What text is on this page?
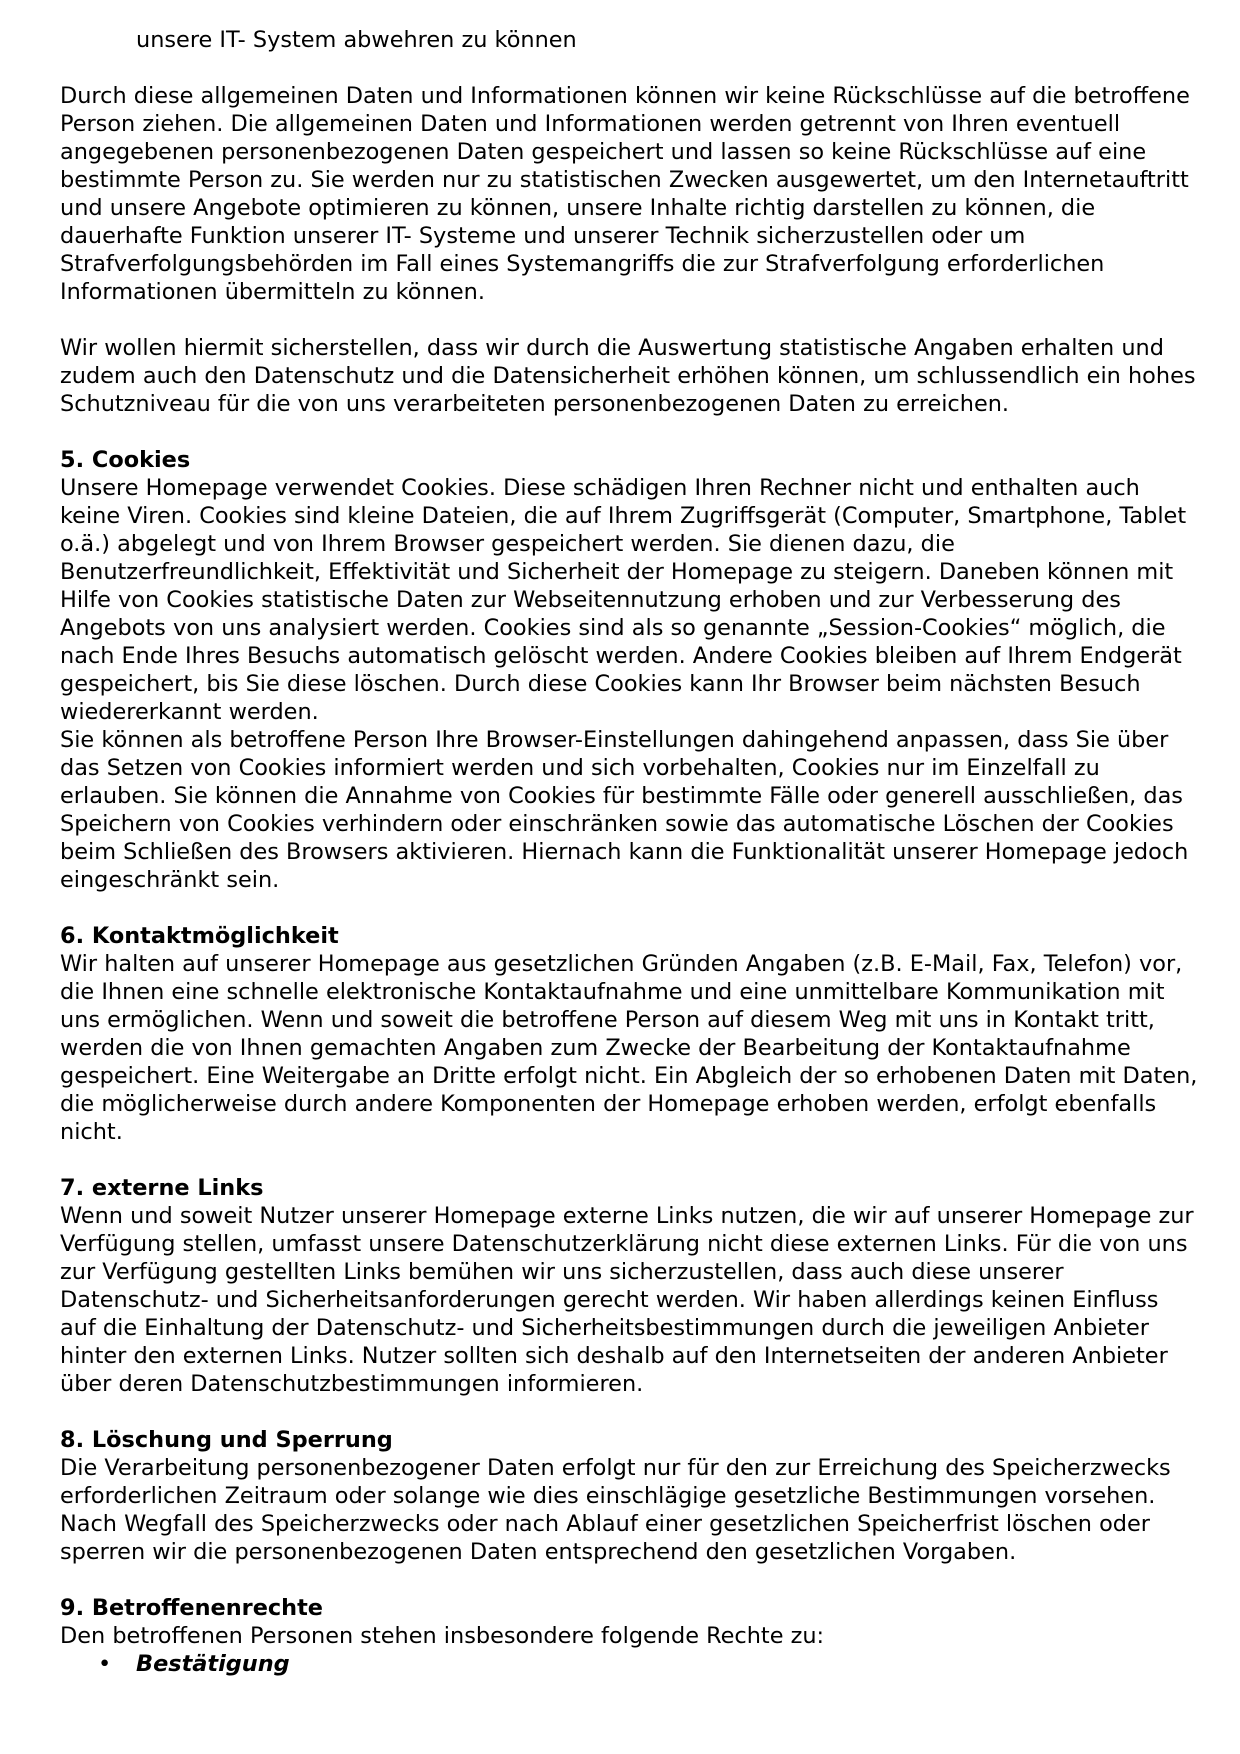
unsere IT- System abwehren zu können

Durch diese allgemeinen Daten und Informationen können wir keine Rückschlüsse auf die betroffene Person ziehen. Die allgemeinen Daten und Informationen werden getrennt von Ihren eventuell angegebenen personenbezogenen Daten gespeichert und lassen so keine Rückschlüsse auf eine bestimmte Person zu. Sie werden nur zu statistischen Zwecken ausgewertet, um den Internetauftritt und unsere Angebote optimieren zu können, unsere Inhalte richtig darstellen zu können, die dauerhafte Funktion unserer IT- Systeme und unserer Technik sicherzustellen oder um Strafverfolgungsbehörden im Fall eines Systemangriffs die zur Strafverfolgung erforderlichen Informationen übermitteln zu können.

Wir wollen hiermit sicherstellen, dass wir durch die Auswertung statistische Angaben erhalten und zudem auch den Datenschutz und die Datensicherheit erhöhen können, um schlussendlich ein hohes Schutzniveau für die von uns verarbeiteten personenbezogenen Daten zu erreichen.

5. Cookies

Unsere Homepage verwendet Cookies. Diese schädigen Ihren Rechner nicht und enthalten auch keine Viren. Cookies sind kleine Dateien, die auf Ihrem Zugriffsgerät (Computer, Smartphone, Tablet o.ä.) abgelegt und von Ihrem Browser gespeichert werden. Sie dienen dazu, die Benutzerfreundlichkeit, Effektivität und Sicherheit der Homepage zu steigern. Daneben können mit Hilfe von Cookies statistische Daten zur Webseitennutzung erhoben und zur Verbesserung des Angebots von uns analysiert werden. Cookies sind als so genannte „Session-Cookies“ möglich, die nach Ende Ihres Besuchs automatisch gelöscht werden. Andere Cookies bleiben auf Ihrem Endgerät gespeichert, bis Sie diese löschen. Durch diese Cookies kann Ihr Browser beim nächsten Besuch wiedererkannt werden.

Sie können als betroffene Person Ihre Browser-Einstellungen dahingehend anpassen, dass Sie über das Setzen von Cookies informiert werden und sich vorbehalten, Cookies nur im Einzelfall zu erlauben. Sie können die Annahme von Cookies für bestimmte Fälle oder generell ausschließen, das Speichern von Cookies verhindern oder einschränken sowie das automatische Löschen der Cookies beim Schließen des Browsers aktivieren. Hiernach kann die Funktionalität unserer Homepage jedoch eingeschränkt sein.

6. Kontaktmöglichkeit

Wir halten auf unserer Homepage aus gesetzlichen Gründen Angaben (z.B. E-Mail, Fax, Telefon) vor, die Ihnen eine schnelle elektronische Kontaktaufnahme und eine unmittelbare Kommunikation mit uns ermöglichen. Wenn und soweit die betroffene Person auf diesem Weg mit uns in Kontakt tritt, werden die von Ihnen gemachten Angaben zum Zwecke der Bearbeitung der Kontaktaufnahme gespeichert. Eine Weitergabe an Dritte erfolgt nicht. Ein Abgleich der so erhobenen Daten mit Daten, die möglicherweise durch andere Komponenten der Homepage erhoben werden, erfolgt ebenfalls nicht.

7. externe Links

Wenn und soweit Nutzer unserer Homepage externe Links nutzen, die wir auf unserer Homepage zur Verfügung stellen, umfasst unsere Datenschutzerklärung nicht diese externen Links. Für die von uns zur Verfügung gestellten Links bemühen wir uns sicherzustellen, dass auch diese unserer Datenschutz- und Sicherheitsanforderungen gerecht werden. Wir haben allerdings keinen Einfluss auf die Einhaltung der Datenschutz- und Sicherheitsbestimmungen durch die jeweiligen Anbieter hinter den externen Links. Nutzer sollten sich deshalb auf den Internetseiten der anderen Anbieter über deren Datenschutzbestimmungen informieren.

8. Löschung und Sperrung

Die Verarbeitung personenbezogener Daten erfolgt nur für den zur Erreichung des Speicherzwecks erforderlichen Zeitraum oder solange wie dies einschlägige gesetzliche Bestimmungen vorsehen.

Nach Wegfall des Speicherzwecks oder nach Ablauf einer gesetzlichen Speicherfrist löschen oder sperren wir die personenbezogenen Daten entsprechend den gesetzlichen Vorgaben.

9. Betroffenenrechte

Den betroffenen Personen stehen insbesondere folgende Rechte zu:

• Bestätigung
